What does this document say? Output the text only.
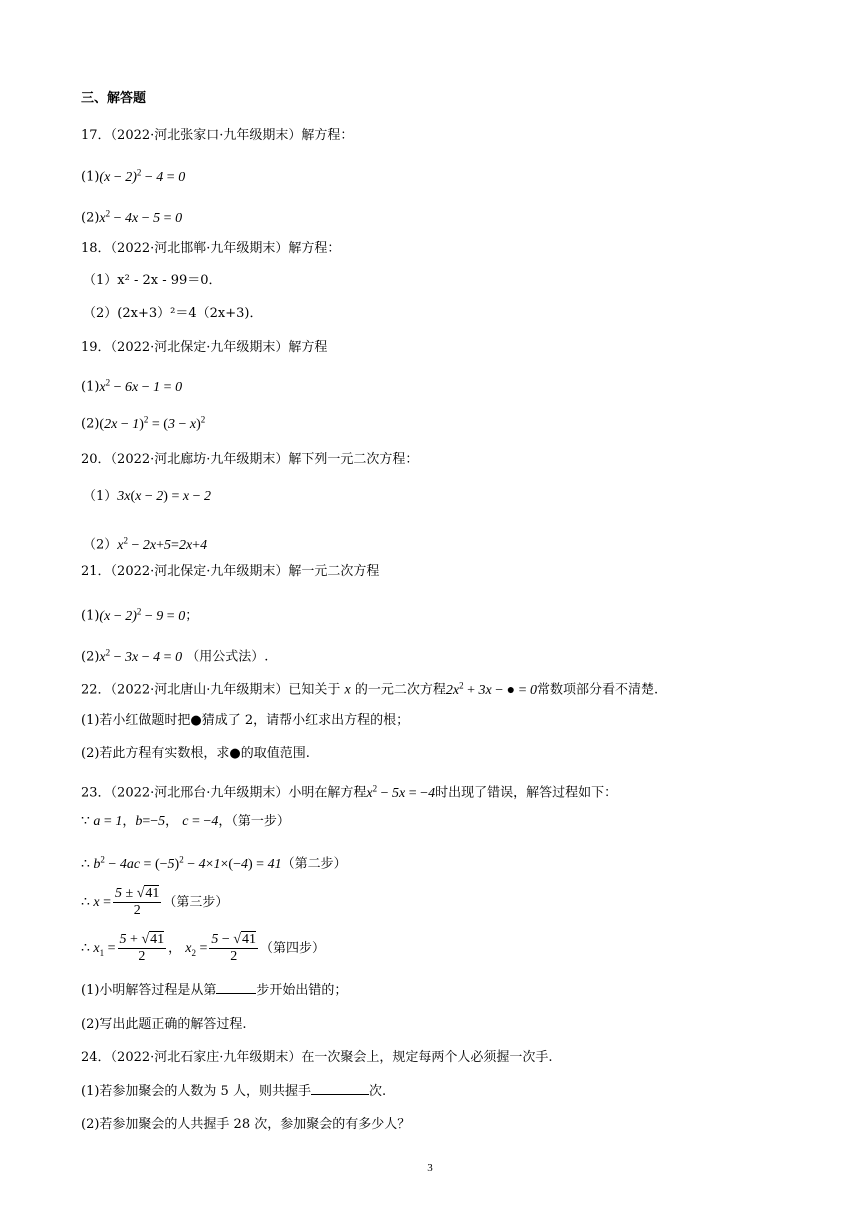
三、解答题
17．（2022·河北张家口·九年级期末）解方程：
$(1)(x - 2)^2 - 4 = 0$
$(2)x^2 - 4x - 5 = 0$
18．（2022·河北邯郸·九年级期末）解方程：
（1）x² - 2x - 99＝0．
（2）(2x+3）²＝4（2x+3)．
19．（2022·河北保定·九年级期末）解方程
$(1)x^2 - 6x - 1 = 0$
$(2)(2x - 1)^2 = (3 - x)^2$
20．（2022·河北廊坊·九年级期末）解下列一元二次方程：
（1）3x(x − 2) = x − 2
$(2)x^2 - 2x+5=2x+4$
21．（2022·河北保定·九年级期末）解一元二次方程
$(1)(x - 2)^2 - 9 = 0$；
$(2)x^2 - 3x - 4 = 0$ （用公式法）.
22．（2022·河北唐山·九年级期末）已知关于 x 的一元二次方程$2x^2 + 3x$ − ● = 0常数项部分看不清楚.
(1)若小红做题时把●猜成了 2，请帮小红求出方程的根；
(2)若此方程有实数根，求●的取值范围.
23．（2022·河北邢台·九年级期末）小明在解方程$x^2 - 5x = -4$时出现了错误，解答过程如下：
∵ a = 1，b=−5， c = −4，（第一步）
∴ $b^2 - 4ac = (-5)^2 - 4\times 1\times(-4) = 41$（第二步）
∴ $x = \frac{5 \pm √41}{2}$ （第三步）
∴ $x_1 = \frac{5 + √41}{2}$ ， $x_2 = \frac{5 - √41}{2}$ （第四步）
(1)小明解答过程是从第	步开始出错的；
(2)写出此题正确的解答过程.
24．（2022·河北石家庄·九年级期末）在一次聚会上，规定每两个人必须握一次手.
(1)若参加聚会的人数为 5 人，则共握手	次.
(2)若参加聚会的人共握手 28 次，参加聚会的有多少人？
3
